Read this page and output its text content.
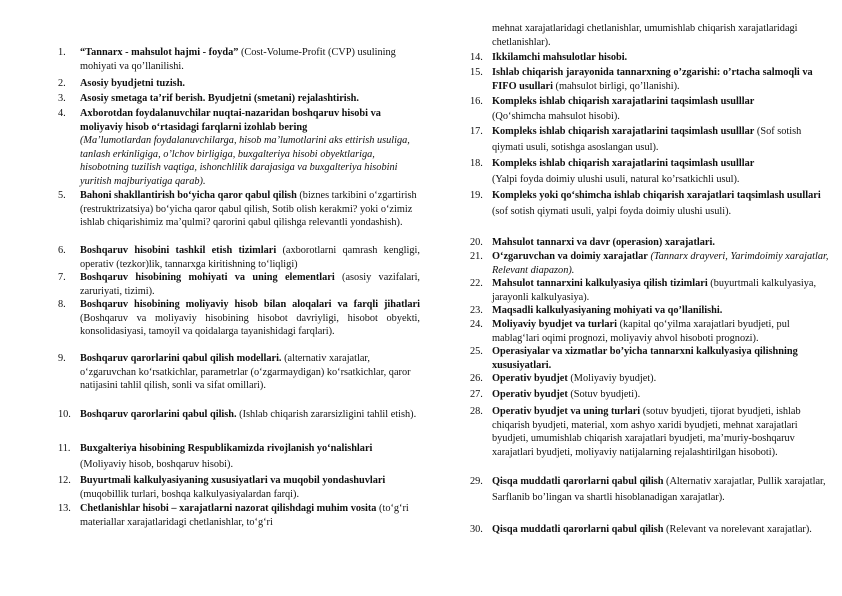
1.	“Tannarx - mahsulot hajmi - foyda” (Cost-Volume-Profit (CVP) usulining mohiyati va qo’llanilishi.
2.	Asosiy byudjetni tuzish.
3.	Asosiy smetaga ta’rif berish. Byudjetni (smetani) rejalashtirish.
4.	Axborotdan foydalanuvchilar nuqtai-nazaridan boshqaruv hisobi va moliyaviy hisob o‘rtasidagi farqlarni izohlab bering
(Ma’lumotlardan foydalanuvchilarga, hisob ma’lumotlarini aks ettirish usuliga, tanlash erkinligiga, o’lchov birligiga, buxgalteriya hisobi obyektlariga, hisobotning tuzilish vaqtiga, ishonchlilik darajasiga va buxgalteriya hisobini yuritish majburiyatiga qarab).
5.	Bahoni shakllantirish bo‘yicha qaror qabul qilish (biznes tarkibini o‘zgartirish (restruktrizatsiya) bo‘yicha qaror qabul qilish, Sotib olish kerakmi? yoki o‘zimiz ishlab chiqarishimiz ma’qulmi? qarorini qabul qilishga relevantli yondashish).
6.	Boshqaruv hisobini tashkil etish tizimlari (axborotlarni qamrash kengligi, operativ (tezkor)lik, tannarxga kiritishning to‘liqligi)
7.	Boshqaruv hisobining mohiyati va uning elementlari (asosiy vazifalari, zaruriyati, tizimi).
8.	Boshqaruv hisobining moliyaviy hisob bilan aloqalari va farqli jihatlari (Boshqaruv va moliyaviy hisobining hisobot davriyligi, hisobot obyekti, konsolidasiyasi, tamoyil va qoidalarga tayanishidagi farqlari).
9.	Boshqaruv qarorlarini qabul qilish modellari. (alternativ xarajatlar, o‘zgaruvchan ko‘rsatkichlar, parametrlar (o‘zgarmaydigan) ko‘rsatkichlar, qaror natijasini tahlil qilish, sonli va sifat omillari).
10. Boshqaruv qarorlarini qabul qilish. (Ishlab chiqarish zararsizligini tahlil etish).
11. Buxgalteriya hisobining Respublikamizda rivojlanish yo‘nalishlari (Moliyaviy hisob, boshqaruv hisobi).
12. Buyurtmali kalkulyasiyaning xususiyatlari va muqobil yondashuvlari (muqobillik turlari, boshqa kalkulyasiyalardan farqi).
13. Chetlanishlar hisobi – xarajatlarni nazorat qilishdagi muhim vosita (to‘g‘ri materiallar xarajatlaridagi chetlanishlar, to‘g‘ri
mehnat xarajatlaridagi chetlanishlar, umumishlab chiqarish xarajatlaridagi chetlanishlar).
14. Ikkilamchi mahsulotlar hisobi.
15. Ishlab chiqarish jarayonida tannarxning o’zgarishi: o’rtacha salmoqli va FIFO usullari (mahsulot birligi, qo’llanishi).
16. Kompleks ishlab chiqarish xarajatlarini taqsimlash usulllar
(Qo‘shimcha mahsulot hisobi).
17. Kompleks ishlab chiqarish xarajatlarini taqsimlash usulllar (Sof sotish qiymati usuli, sotishga asoslangan usul).
18. Kompleks ishlab chiqarish xarajatlarini taqsimlash usulllar
(Yalpi foyda doimiy ulushi usuli, natural ko’rsatkichli usul).
19. Kompleks yoki qo‘shimcha ishlab chiqarish xarajatlari taqsimlash usullari (sof sotish qiymati usuli, yalpi foyda doimiy ulushi usuli).
20. Mahsulot tannarxi va davr (operasion) xarajatlari.
21. O‘zgaruvchan va doimiy xarajatlar (Tannarx drayveri, Yarimdoimiy xarajatlar, Relevant diapazon).
22. Mahsulot tannarxini kalkulyasiya qilish tizimlari (buyurtmali kalkulyasiya, jarayonli kalkulyasiya).
23. Maqsadli kalkulyasiyaning mohiyati va qo’llanilishi.
24. Moliyaviy byudjet va turlari (kapital qo‘yilma xarajatlari byudjeti, pul mablag‘lari oqimi prognozi, moliyaviy ahvol hisoboti prognozi).
25. Operasiyalar va xizmatlar bo’yicha tannarxni kalkulyasiya qilishning xususiyatlari.
26. Operativ byudjet (Moliyaviy byudjet).
27. Operativ byudjet (Sotuv byudjeti).
28. Operativ byudjet va uning turlari (sotuv byudjeti, tijorat byudjeti, ishlab chiqarish byudjeti, material, xom ashyo xaridi byudjeti, mehnat xarajatlari byudjeti, umumishlab chiqarish xarajatlari byudjeti, ma’muriy-boshqaruv xarajatlari byudjeti, moliyaviy natijalarning rejalashtirilgan hisoboti).
29. Qisqa muddatli qarorlarni qabul qilish (Alternativ xarajatlar, Pullik xarajatlar, Sarflanib bo’lingan va shartli hisoblanadigan xarajatlar).
30. Qisqa muddatli qarorlarni qabul qilish (Relevant va norelevant xarajatlar).
